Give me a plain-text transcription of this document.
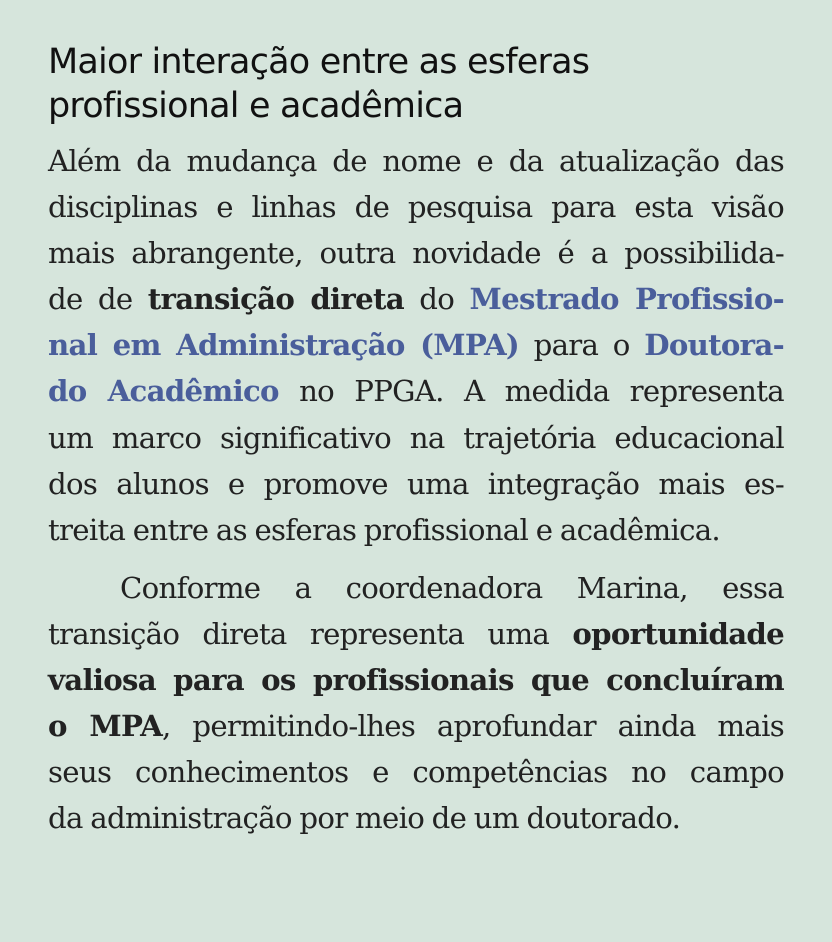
Maior interação entre as esferas
profissional e acadêmica
Além da mudança de nome e da atualização das
disciplinas e linhas de pesquisa para esta visão
mais abrangente, outra novidade é a possibilida-
de de transição direta do Mestrado Profissio-
nal em Administração (MPA) para o Doutora-
do Acadêmico no PPGA. A medida representa
um marco significativo na trajetória educacional
dos alunos e promove uma integração mais es-
treita entre as esferas profissional e acadêmica.
Conforme a coordenadora Marina, essa
transição direta representa uma oportunidade
valiosa para os profissionais que concluíram
o MPA, permitindo-lhes aprofundar ainda mais
seus conhecimentos e competências no campo
da administração por meio de um doutorado.
